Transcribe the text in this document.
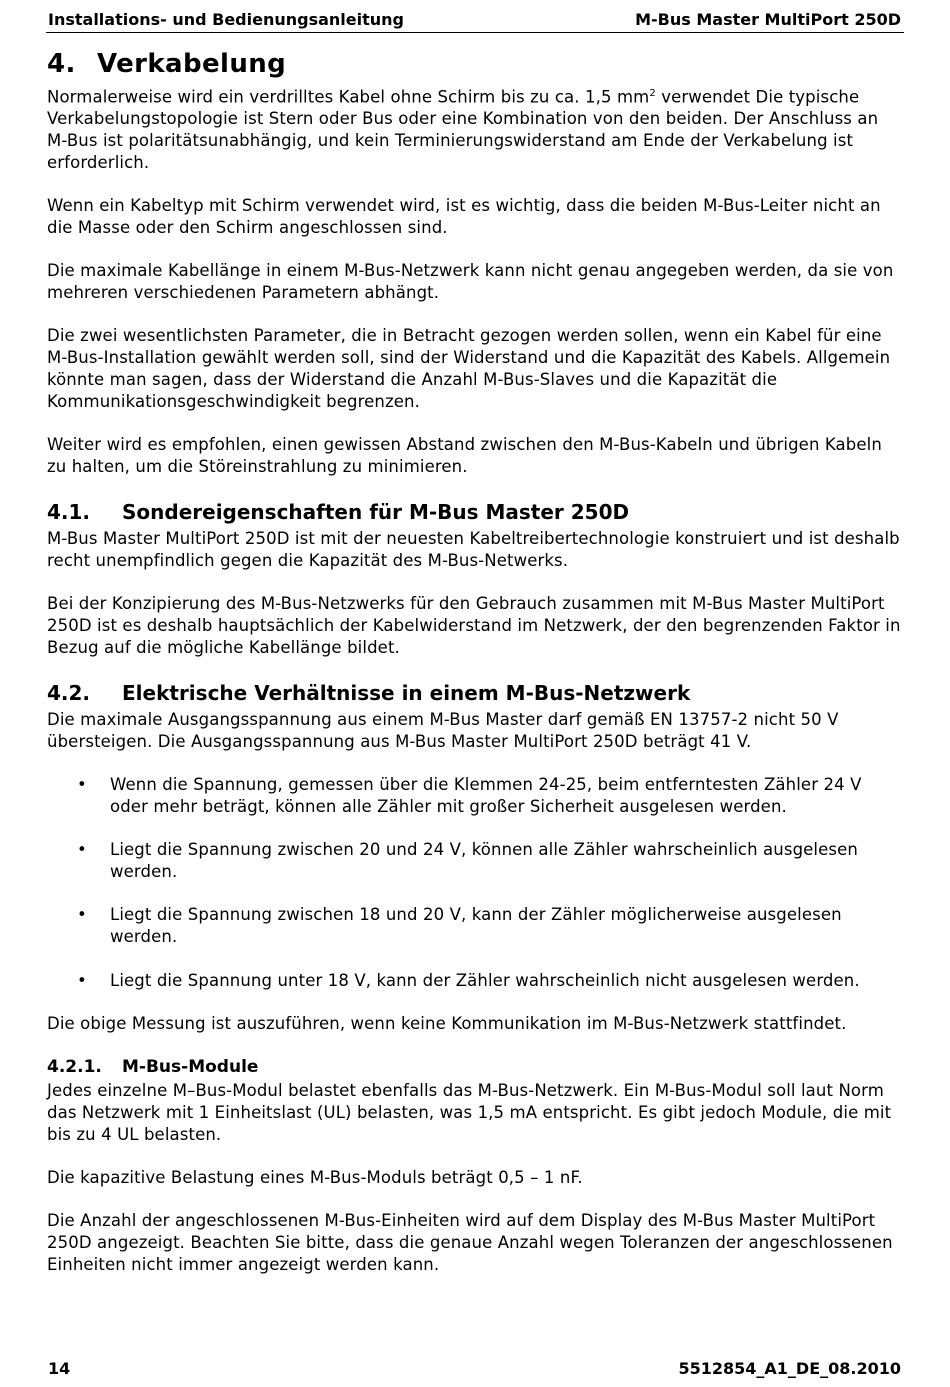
Installations- und Bedienungsanleitung	M-Bus Master MultiPort 250D
4. Verkabelung

Normalerweise wird ein verdrilltes Kabel ohne Schirm bis zu ca. 1,5 $mm^2$ verwendet Die typische Verkabelungstopologie ist Stern oder Bus oder eine Kombination von den beiden. Der Anschluss an M-Bus ist polaritätsunabhängig, und kein Terminierungswiderstand am Ende der Verkabelung ist erforderlich.

Wenn ein Kabeltyp mit Schirm verwendet wird, ist es wichtig, dass die beiden M-Bus-Leiter nicht an die Masse oder den Schirm angeschlossen sind.

Die maximale Kabellänge in einem M-Bus-Netzwerk kann nicht genau angegeben werden, da sie von mehreren verschiedenen Parametern abhängt.

Die zwei wesentlichsten Parameter, die in Betracht gezogen werden sollen, wenn ein Kabel für eine M-Bus-Installation gewählt werden soll, sind der Widerstand und die Kapazität des Kabels. Allgemein könnte man sagen, dass der Widerstand die Anzahl M-Bus-Slaves und die Kapazität die Kommunikationsgeschwindigkeit begrenzen.

Weiter wird es empfohlen, einen gewissen Abstand zwischen den M-Bus-Kabeln und übrigen Kabeln zu halten, um die Störeinstrahlung zu minimieren.

4.1. Sondereigenschaften für M-Bus Master 250D

M-Bus Master MultiPort 250D ist mit der neuesten Kabeltreibertechnologie konstruiert und ist deshalb recht unempfindlich gegen die Kapazität des M-Bus-Netwerks.

Bei der Konzipierung des M-Bus-Netzwerks für den Gebrauch zusammen mit M-Bus Master MultiPort 250D ist es deshalb hauptsächlich der Kabelwiderstand im Netzwerk, der den begrenzenden Faktor in Bezug auf die mögliche Kabellänge bildet.

4.2. Elektrische Verhältnisse in einem M-Bus-Netzwerk

Die maximale Ausgangsspannung aus einem M-Bus Master darf gemäß EN 13757-2 nicht 50 V übersteigen. Die Ausgangsspannung aus M-Bus Master MultiPort 250D beträgt 41 V.

• Wenn die Spannung, gemessen über die Klemmen 24-25, beim entferntesten Zähler 24 V oder mehr beträgt, können alle Zähler mit großer Sicherheit ausgelesen werden.
• Liegt die Spannung zwischen 20 und 24 V, können alle Zähler wahrscheinlich ausgelesen werden.
• Liegt die Spannung zwischen 18 und 20 V, kann der Zähler möglicherweise ausgelesen werden.
• Liegt die Spannung unter 18 V, kann der Zähler wahrscheinlich nicht ausgelesen werden.

Die obige Messung ist auszuführen, wenn keine Kommunikation im M-Bus-Netzwerk stattfindet.

4.2.1. M-Bus-Module

Jedes einzelne M–Bus-Modul belastet ebenfalls das M-Bus-Netzwerk. Ein M-Bus-Modul soll laut Norm das Netzwerk mit 1 Einheitslast (UL) belasten, was 1,5 mA entspricht. Es gibt jedoch Module, die mit bis zu 4 UL belasten.

Die kapazitive Belastung eines M-Bus-Moduls beträgt 0,5 – 1 nF.

Die Anzahl der angeschlossenen M-Bus-Einheiten wird auf dem Display des M-Bus Master MultiPort 250D angezeigt. Beachten Sie bitte, dass die genaue Anzahl wegen Toleranzen der angeschlossenen Einheiten nicht immer angezeigt werden kann.

14	5512854_A1_DE_08.2010
